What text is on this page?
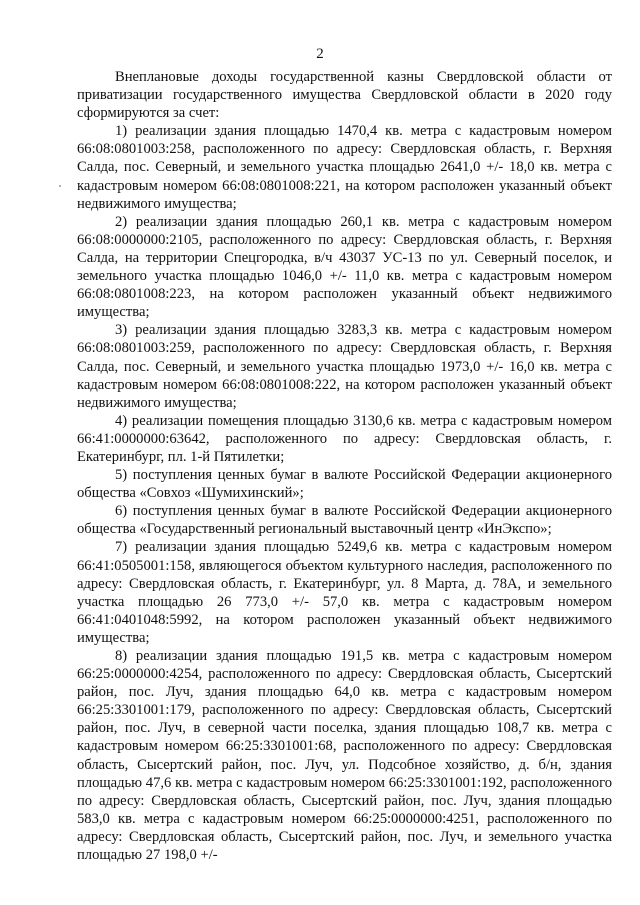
2

Внеплановые доходы государственной казны Свердловской области от приватизации государственного имущества Свердловской области в 2020 году сформируются за счет:

1) реализации здания площадью 1470,4 кв. метра с кадастровым номером 66:08:0801003:258, расположенного по адресу: Свердловская область, г. Верхняя Салда, пос. Северный, и земельного участка площадью 2641,0 +/- 18,0 кв. метра с кадастровым номером 66:08:0801008:221, на котором расположен указанный объект недвижимого имущества;

2) реализации здания площадью 260,1 кв. метра с кадастровым номером 66:08:0000000:2105, расположенного по адресу: Свердловская область, г. Верхняя Салда, на территории Спецгородка, в/ч 43037 УС-13 по ул. Северный поселок, и земельного участка площадью 1046,0 +/- 11,0 кв. метра с кадастровым номером 66:08:0801008:223, на котором расположен указанный объект недвижимого имущества;

3) реализации здания площадью 3283,3 кв. метра с кадастровым номером 66:08:0801003:259, расположенного по адресу: Свердловская область, г. Верхняя Салда, пос. Северный, и земельного участка площадью 1973,0 +/- 16,0 кв. метра с кадастровым номером 66:08:0801008:222, на котором расположен указанный объект недвижимого имущества;

4) реализации помещения площадью 3130,6 кв. метра с кадастровым номером 66:41:0000000:63642, расположенного по адресу: Свердловская область, г. Екатеринбург, пл. 1-й Пятилетки;

5) поступления ценных бумаг в валюте Российской Федерации акционерного общества «Совхоз «Шумихинский»;

6) поступления ценных бумаг в валюте Российской Федерации акционерного общества «Государственный региональный выставочный центр «ИнЭкспо»;

7) реализации здания площадью 5249,6 кв. метра с кадастровым номером 66:41:0505001:158, являющегося объектом культурного наследия, расположенного по адресу: Свердловская область, г. Екатеринбург, ул. 8 Марта, д. 78А, и земельного участка площадью 26 773,0 +/- 57,0 кв. метра с кадастровым номером 66:41:0401048:5992, на котором расположен указанный объект недвижимого имущества;

8) реализации здания площадью 191,5 кв. метра с кадастровым номером 66:25:0000000:4254, расположенного по адресу: Свердловская область, Сысертский район, пос. Луч, здания площадью 64,0 кв. метра с кадастровым номером 66:25:3301001:179, расположенного по адресу: Свердловская область, Сысертский район, пос. Луч, в северной части поселка, здания площадью 108,7 кв. метра с кадастровым номером 66:25:3301001:68, расположенного по адресу: Свердловская область, Сысертский район, пос. Луч, ул. Подсобное хозяйство, д. б/н, здания площадью 47,6 кв. метра с кадастровым номером 66:25:3301001:192, расположенного по адресу: Свердловская область, Сысертский район, пос. Луч, здания площадью 583,0 кв. метра с кадастровым номером 66:25:0000000:4251, расположенного по адресу: Свердловская область, Сысертский район, пос. Луч, и земельного участка площадью 27 198,0 +/-
